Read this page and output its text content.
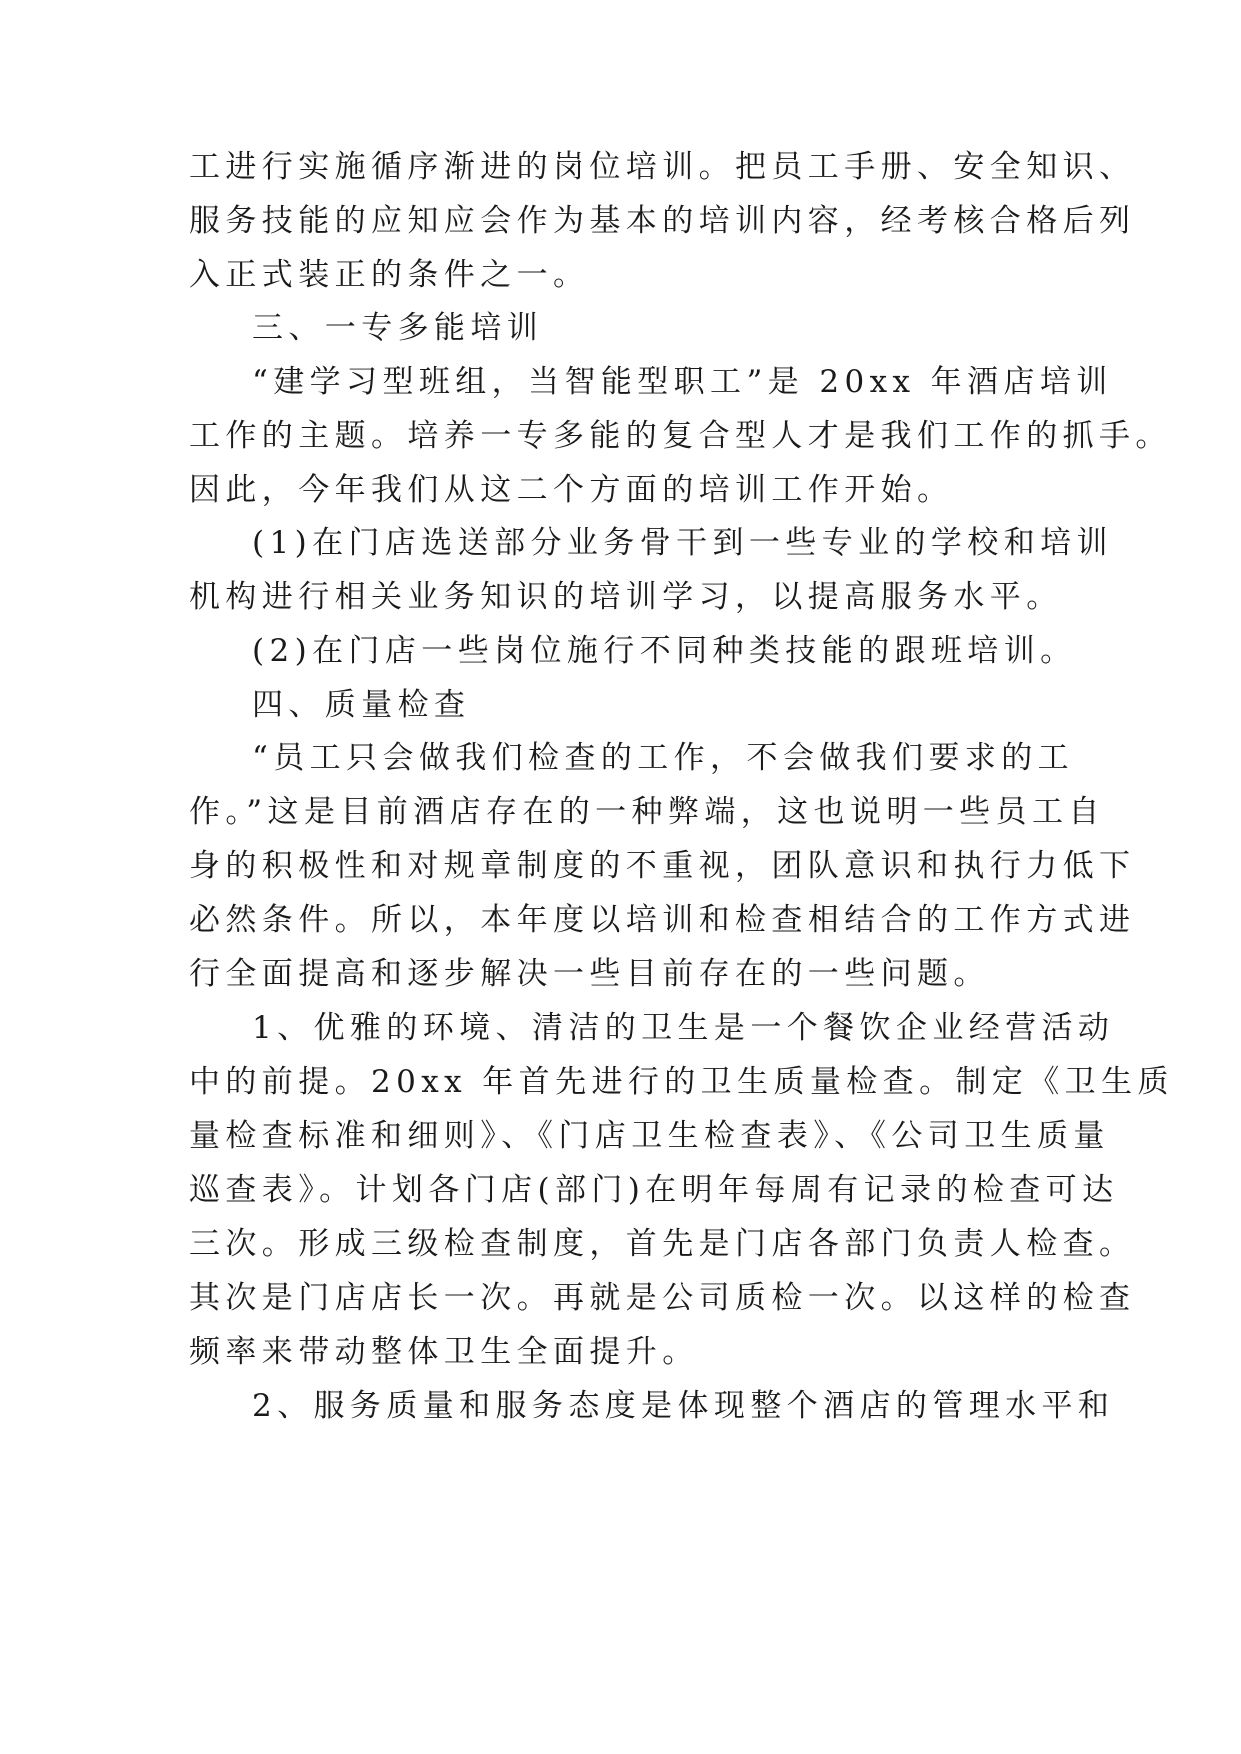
工进行实施循序渐进的岗位培训。把员工手册、安全知识、

服务技能的应知应会作为基本的培训内容，经考核合格后列

入正式装正的条件之一。

三、一专多能培训

“建学习型班组，当智能型职工”是 20xx 年酒店培训

工作的主题。培养一专多能的复合型人才是我们工作的抓手。

因此，今年我们从这二个方面的培训工作开始。

(1)在门店选送部分业务骨干到一些专业的学校和培训

机构进行相关业务知识的培训学习，以提高服务水平。

(2)在门店一些岗位施行不同种类技能的跟班培训。

四、质量检查

“员工只会做我们检查的工作，不会做我们要求的工

作。”这是目前酒店存在的一种弊端，这也说明一些员工自

身的积极性和对规章制度的不重视，团队意识和执行力低下

必然条件。所以，本年度以培训和检查相结合的工作方式进

行全面提高和逐步解决一些目前存在的一些问题。

1、优雅的环境、清洁的卫生是一个餐饮企业经营活动

中的前提。20xx 年首先进行的卫生质量检查。制定《卫生质

量检查标准和细则》、《门店卫生检查表》、《公司卫生质量

巡查表》。计划各门店(部门)在明年每周有记录的检查可达

三次。形成三级检查制度，首先是门店各部门负责人检查。

其次是门店店长一次。再就是公司质检一次。以这样的检查

频率来带动整体卫生全面提升。

2、服务质量和服务态度是体现整个酒店的管理水平和
